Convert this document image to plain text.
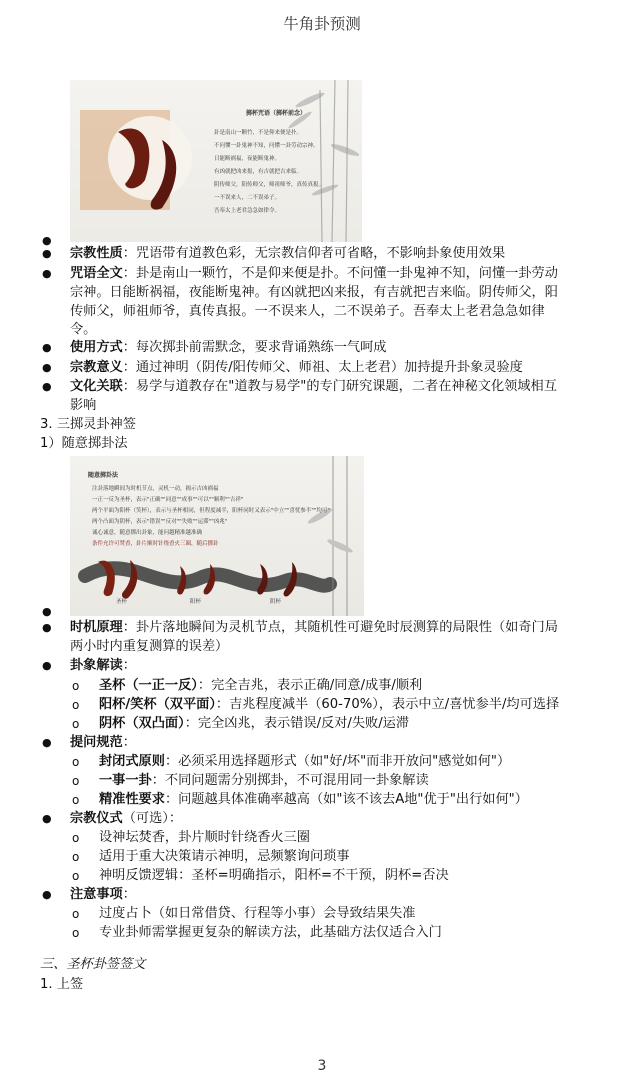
牛角卦预测
掷杯咒语（掷杯前念）
卦是南山一颗竹，不是仰来便是扑。
不问懂一卦鬼神不知，问懂一卦劳动宗神。
日能断祸福，夜能断鬼神。
有凶就把凶来报，有吉就把吉来临。
阴传师父，阳传师父，师祖师爷，真传真报。
一不误来人，二不误弟子。
吾奉太上老君急急如律令。
●
● 宗教性质：咒语带有道教色彩，无宗教信仰者可省略，不影响卦象使用效果
● 咒语全文：卦是南山一颗竹，不是仰来便是扑。不问懂一卦鬼神不知，问懂一卦劳动
宗神。日能断祸福，夜能断鬼神。有凶就把凶来报，有吉就把吉来临。阴传师父，阳
传师父，师祖师爷，真传真报。一不误来人，二不误弟子。吾奉太上老君急急如律
令。
● 使用方式：每次掷卦前需默念，要求背诵熟练一气呵成
● 宗教意义：通过神明（阴传/阳传师父、师祖、太上老君）加持提升卦象灵验度
● 文化关联：易学与道教存在"道教与易学"的专门研究课题，二者在神秘文化领域相互
影响
3. 三掷灵卦神签
1）随意掷卦法
随意掷卦法
注卦落地瞬间为时机节点，灵机一动，揭示吉凶祸福
一正一反为圣杯，表示"正确""同意""成事""可以""顺利""吉祥"
两个平面为阳杯（笑杯），表示与圣杯相同，但程度减半，阳杯同时又表示"中立""喜忧参半""均可"
两个凸面为阴杯，表示"错误""反对""失败""运滞""凶兆"
诚心诚意，随意掷出卦象，能问越精准越准确
条件允许可焚香，卦片顺时针绕香火三圈，随后掷卦
圣杯	阳杯	阴杯
●
● 时机原理：卦片落地瞬间为灵机节点，其随机性可避免时辰测算的局限性（如奇门局
两小时内重复测算的误差）
● 卦象解读：
o 圣杯（一正一反）：完全吉兆，表示正确/同意/成事/顺利
o 阳杯/笑杯（双平面）：吉兆程度减半（60-70%），表示中立/喜忧参半/均可选择
o 阴杯（双凸面）：完全凶兆，表示错误/反对/失败/运滞
● 提问规范：
o 封闭式原则：必须采用选择题形式（如"好/坏"而非开放问"感觉如何"）
o 一事一卦：不同问题需分别掷卦，不可混用同一卦象解读
o 精准性要求：问题越具体准确率越高（如"该不该去A地"优于"出行如何"）
● 宗教仪式（可选）：
o 设神坛焚香，卦片顺时针绕香火三圈
o 适用于重大决策请示神明，忌频繁询问琐事
o 神明反馈逻辑：圣杯=明确指示，阳杯=不干预，阴杯=否决
● 注意事项：
o 过度占卜（如日常借贷、行程等小事）会导致结果失准
o 专业卦师需掌握更复杂的解读方法，此基础方法仅适合入门
三、圣杯卦签签文
1. 上签
3
